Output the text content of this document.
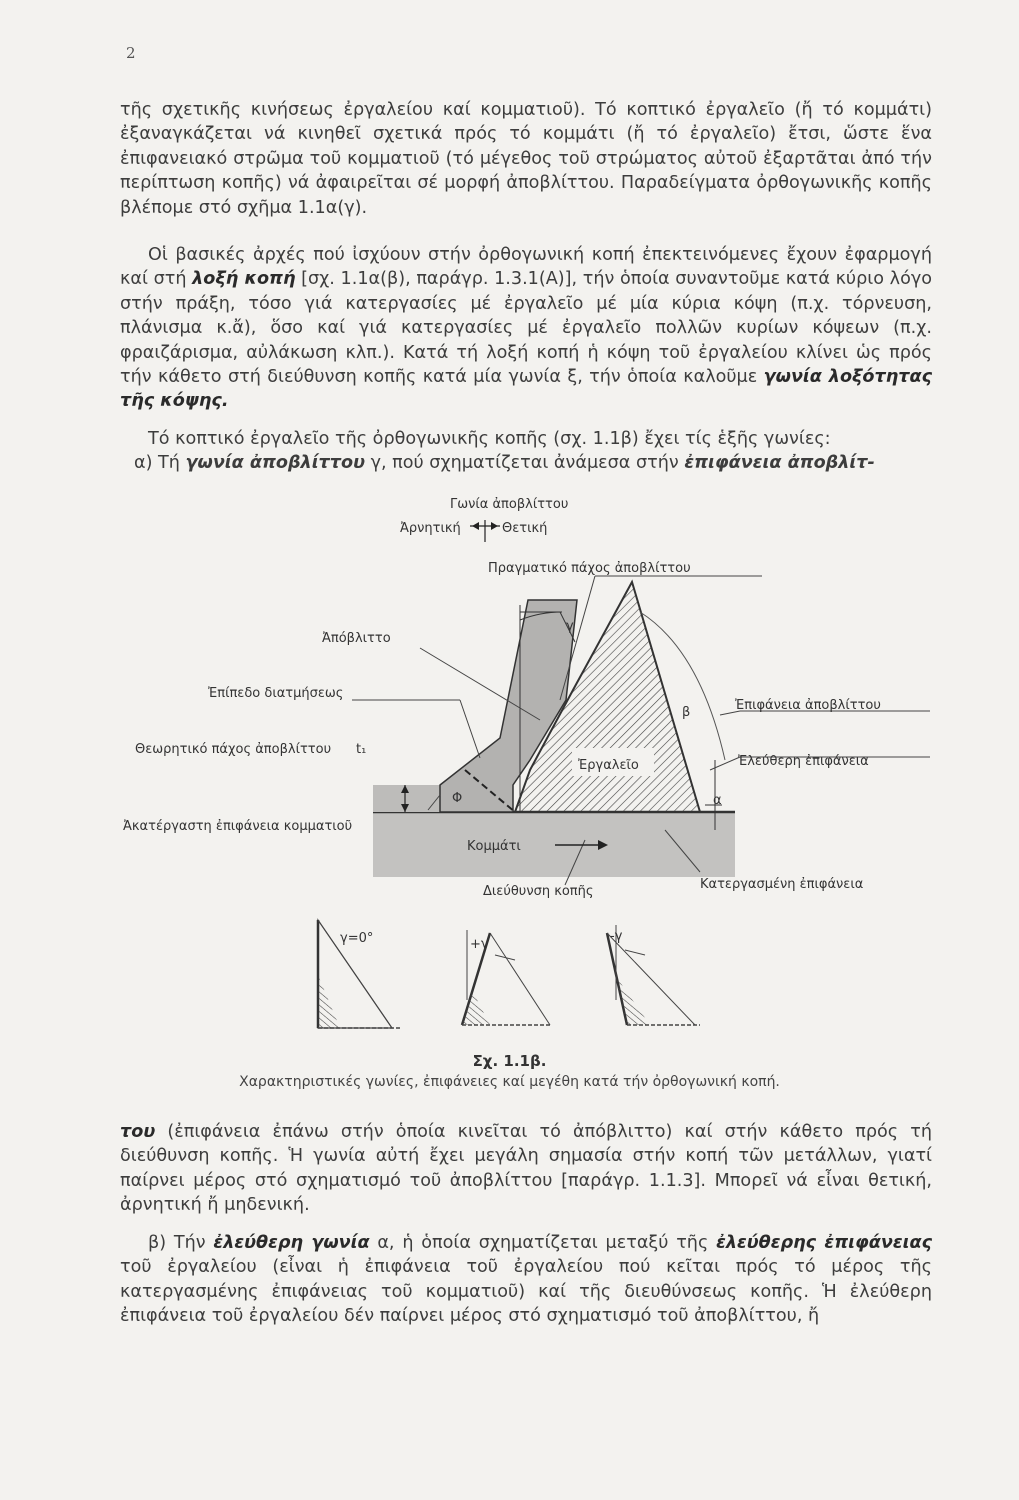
2

τῆς σχετικῆς κινήσεως ἐργαλείου καί κομματιοῦ). Τό κοπτικό ἐργαλεῖο (ἤ τό κομμάτι) ἐξαναγκάζεται νά κινηθεῖ σχετικά πρός τό κομμάτι (ἤ τό ἐργαλεῖο) ἔτσι, ὥστε ἕνα ἐπιφανειακό στρῶμα τοῦ κομματιοῦ (τό μέγεθος τοῦ στρώματος αὐτοῦ ἐξαρτᾶται ἀπό τήν περίπτωση κοπῆς) νά ἀφαιρεῖται σέ μορφή ἀποβλίττου. Παραδείγματα ὀρθογωνικῆς κοπῆς βλέπομε στό σχῆμα 1.1α(γ).

Οἱ βασικές ἀρχές πού ἰσχύουν στήν ὀρθογωνική κοπή ἐπεκτεινόμενες ἔχουν ἐφαρμογή καί στή λοξή κοπή [σχ. 1.1α(β), παράγρ. 1.3.1(Α)], τήν ὁποία συναντοῦμε κατά κύριο λόγο στήν πράξη, τόσο γιά κατεργασίες μέ ἐργαλεῖο μέ μία κύρια κόψη (π.χ. τόρνευση, πλάνισμα κ.ἄ), ὅσο καί γιά κατεργασίες μέ ἐργαλεῖο πολλῶν κυρίων κόψεων (π.χ. φραιζάρισμα, αὐλάκωση κλπ.). Κατά τή λοξή κοπή ἡ κόψη τοῦ ἐργαλείου κλίνει ὡς πρός τήν κάθετο στή διεύθυνση κοπῆς κατά μία γωνία ξ, τήν ὁποία καλοῦμε γωνία λοξότητας τῆς κόψης.

Τό κοπτικό ἐργαλεῖο τῆς ὀρθογωνικῆς κοπῆς (σχ. 1.1β) ἔχει τίς ἑξῆς γωνίες:
α) Τή γωνία ἀποβλίττου γ, πού σχηματίζεται ἀνάμεσα στήν ἐπιφάνεια ἀποβλίτ-
Γωνία ἀποβλίττου
Ἀρνητική	Θετική
Πραγματικό πάχος ἀποβλίττου
Ἀπόβλιττο
Ἐπίπεδο διατμήσεως
Θεωρητικό πάχος ἀποβλίττου t₁
Ἀκατέργαστη ἐπιφάνεια κομματιοῦ
Ἐπιφάνεια ἀποβλίττου
Ἐλεύθερη ἐπιφάνεια
Ἐργαλεῖο
Κομμάτι
Διεύθυνση κοπῆς	Κατεργασμένη ἐπιφάνεια
γ
β
α
Φ
γ=0°	+γ
-γ
Σχ. 1.1β.
Χαρακτηριστικές γωνίες, ἐπιφάνειες καί μεγέθη κατά τήν ὀρθογωνική κοπή.

του (ἐπιφάνεια ἐπάνω στήν ὁποία κινεῖται τό ἀπόβλιττο) καί στήν κάθετο πρός τή διεύθυνση κοπῆς. Ἡ γωνία αὐτή ἔχει μεγάλη σημασία στήν κοπή τῶν μετάλλων, γιατί παίρνει μέρος στό σχηματισμό τοῦ ἀποβλίττου [παράγρ. 1.1.3]. Μπορεῖ νά εἶναι θετική, ἀρνητική ἤ μηδενική.

β) Τήν ἐλεύθερη γωνία α, ἡ ὁποία σχηματίζεται μεταξύ τῆς ἐλεύθερης ἐπιφάνειας τοῦ ἐργαλείου (εἶναι ἡ ἐπιφάνεια τοῦ ἐργαλείου πού κεῖται πρός τό μέρος τῆς κατεργασμένης ἐπιφάνειας τοῦ κομματιοῦ) καί τῆς διευθύνσεως κοπῆς. Ἡ ἐλεύθερη ἐπιφάνεια τοῦ ἐργαλείου δέν παίρνει μέρος στό σχηματισμό τοῦ ἀποβλίττου, ἤ
